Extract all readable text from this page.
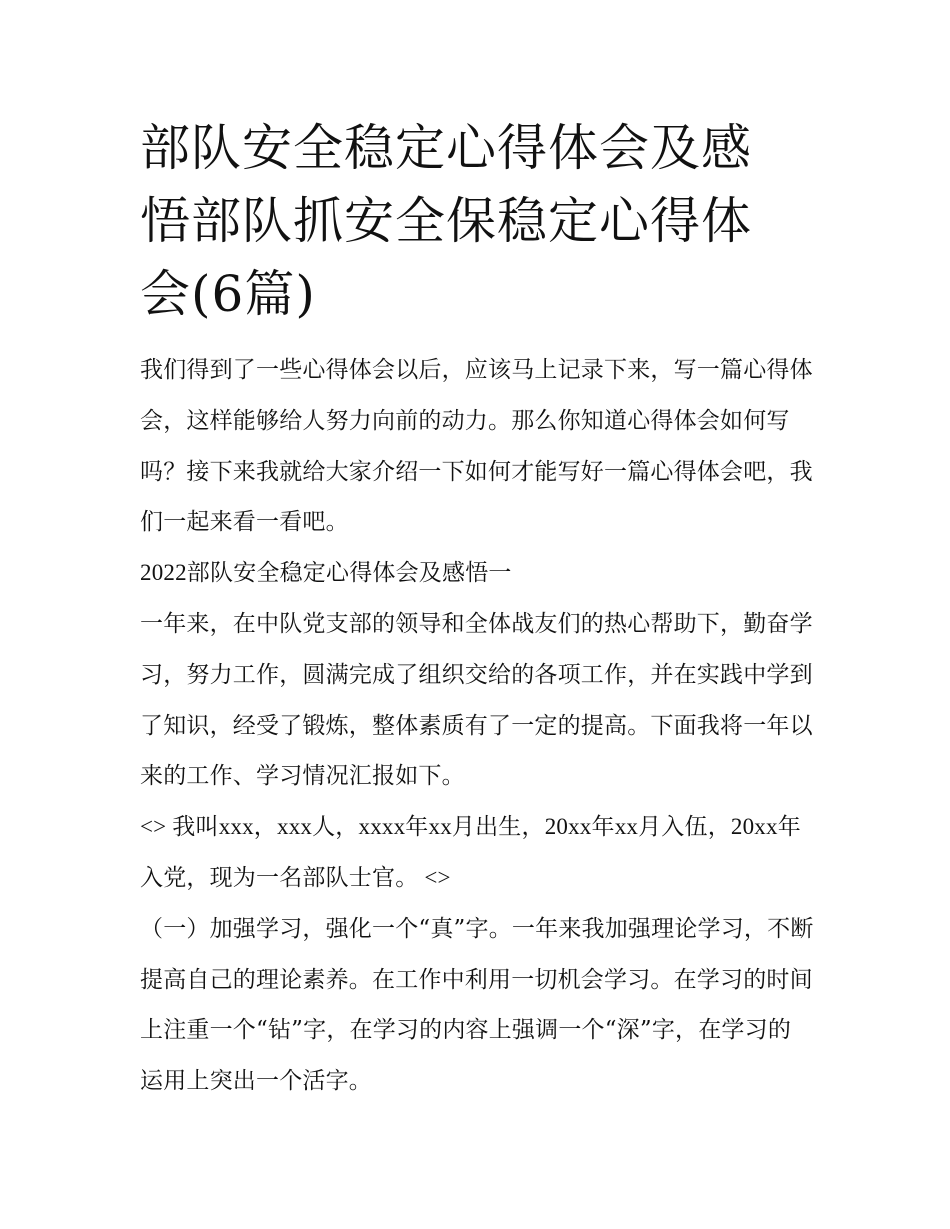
部队安全稳定心得体会及感悟部队抓安全保稳定心得体会(6篇)

我们得到了一些心得体会以后，应该马上记录下来，写一篇心得体会，这样能够给人努力向前的动力。那么你知道心得体会如何写吗？接下来我就给大家介绍一下如何才能写好一篇心得体会吧，我们一起来看一看吧。

2022部队安全稳定心得体会及感悟一

一年来，在中队党支部的领导和全体战友们的热心帮助下，勤奋学习，努力工作，圆满完成了组织交给的各项工作，并在实践中学到了知识，经受了锻炼，整体素质有了一定的提高。下面我将一年以来的工作、学习情况汇报如下。

<> 我叫xxx，xxx人，xxxx年xx月出生，20xx年xx月入伍，20xx年入党，现为一名部队士官。 <>

（一）加强学习，强化一个“真”字。一年来我加强理论学习，不断提高自己的理论素养。在工作中利用一切机会学习。在学习的时间上注重一个“钻”字，在学习的内容上强调一个“深”字，在学习的运用上突出一个活字。
